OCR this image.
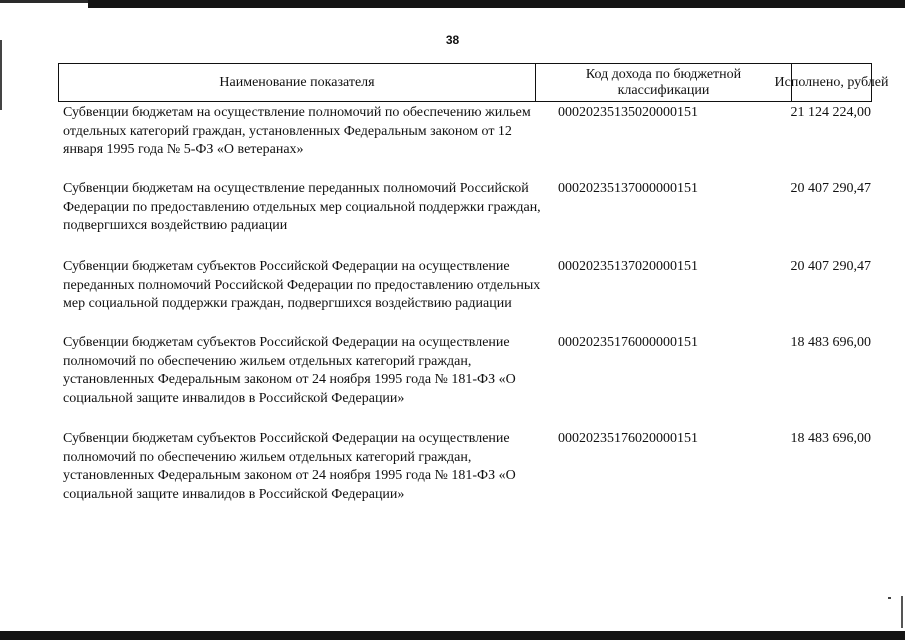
38
Наименование показателя
Код дохода по бюджетной классификации
Исполнено, рублей
Субвенции бюджетам на осуществление полномочий по обеспечению жильем отдельных категорий граждан, установленных Федеральным законом от 12 января 1995 года № 5-ФЗ «О ветеранах»
00020235135020000151	21 124 224,00
Субвенции бюджетам на осуществление переданных полномочий Российской Федерации по предоставлению отдельных мер социальной поддержки граждан, подвергшихся воздействию радиации
00020235137000000151	20 407 290,47
Субвенции бюджетам субъектов Российской Федерации на осуществление переданных полномочий Российской Федерации по предоставлению отдельных мер социальной поддержки граждан, подвергшихся воздействию радиации
00020235137020000151	20 407 290,47
Субвенции бюджетам субъектов Российской Федерации на осуществление полномочий по обеспечению жильем отдельных категорий граждан, установленных Федеральным законом от 24 ноября 1995 года № 181-ФЗ «О социальной защите инвалидов в Российской Федерации»
00020235176000000151	18 483 696,00
Субвенции бюджетам субъектов Российской Федерации на осуществление полномочий по обеспечению жильем отдельных категорий граждан, установленных Федеральным законом от 24 ноября 1995 года № 181-ФЗ «О социальной защите инвалидов в Российской Федерации»
00020235176020000151	18 483 696,00
